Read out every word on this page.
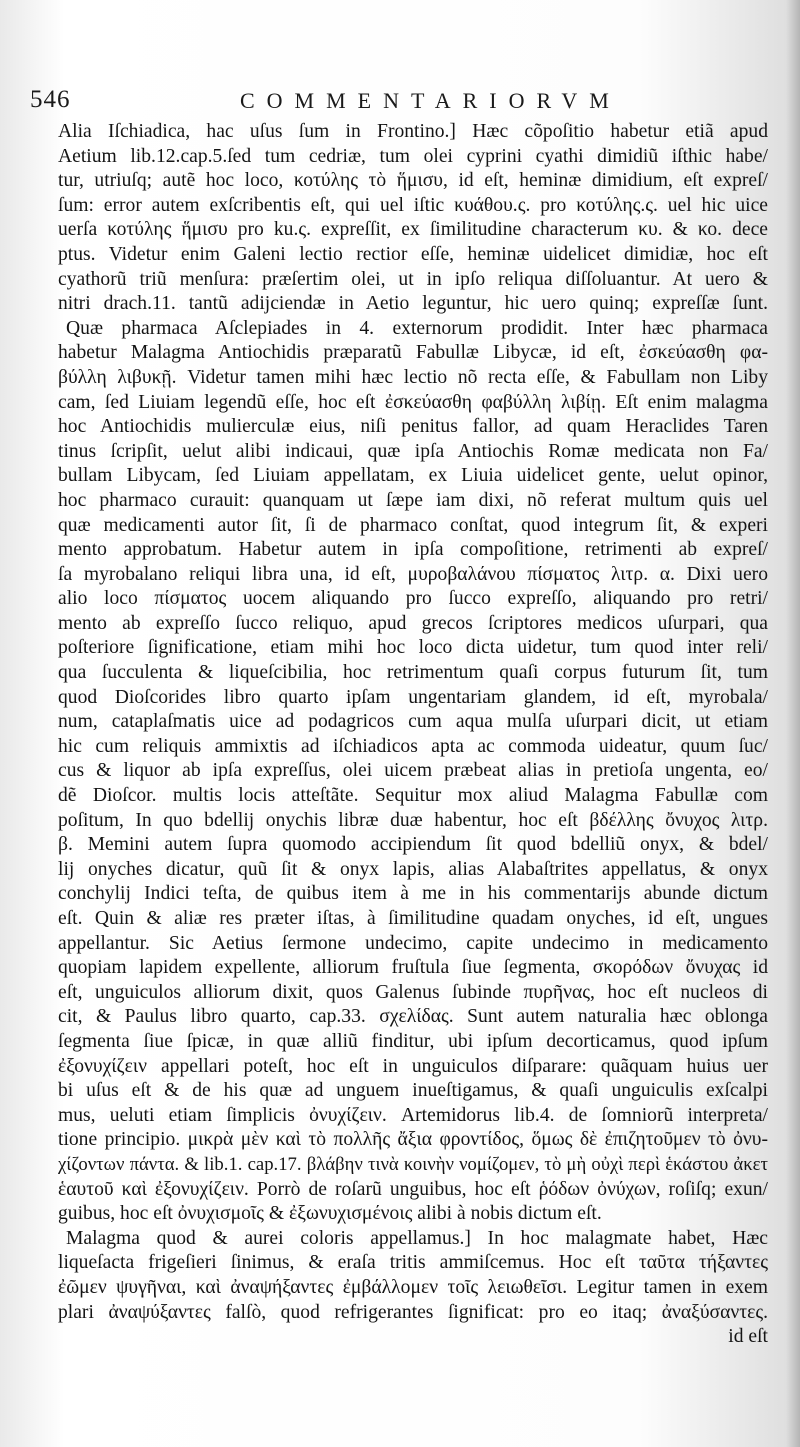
546	COMMENTARIORVM
Alia Iſchiadica, hac uſus ſum in Frontino.] Hæc cõpoſitio habetur etiã apud
Aetium lib.12.cap.5.ſed tum cedriæ, tum olei cyprini cyathi dimidiũ iſthic habe/
tur, utriuſq; autẽ hoc loco, κοτύλης τὸ ἥμισυ, id eſt, heminæ dimidium, eſt expreſ/
ſum: error autem exſcribentis eſt, qui uel iſtic κυάθου.ς. pro κοτύλης.ς. uel hic uice
uerſa κοτύλης ἥμισυ pro ku.ς. expreſſit, ex ſimilitudine characterum κυ. & κο. dece
ptus. Videtur enim Galeni lectio rectior eſſe, heminæ uidelicet dimidiæ, hoc eſt
cyathorũ triũ menſura: præſertim olei, ut in ipſo reliqua diſſoluantur. At uero &
nitri drach.11. tantũ adijciendæ in Aetio leguntur, hic uero quinq; expreſſæ ſunt.
Quæ pharmaca Aſclepiades in 4. externorum prodidit. Inter hæc pharmaca
habetur Malagma Antiochidis præparatũ Fabullæ Libycæ, id eſt, ἐσκεύασθη φα-
βύλλη λιβυκῇ. Videtur tamen mihi hæc lectio nõ recta eſſe, & Fabullam non Liby
cam, ſed Liuiam legendũ eſſe, hoc eſt ἐσκεύασθη φαβύλλη λιβίῃ. Eſt enim malagma
hoc Antiochidis mulierculæ eius, niſi penitus fallor, ad quam Heraclides Taren
tinus ſcripſit, uelut alibi indicaui, quæ ipſa Antiochis Romæ medicata non Fa/
bullam Libycam, ſed Liuiam appellatam, ex Liuia uidelicet gente, uelut opinor,
hoc pharmaco curauit: quanquam ut ſæpe iam dixi, nõ referat multum quis uel
quæ medicamenti autor ſit, ſi de pharmaco conſtat, quod integrum ſit, & experi
mento approbatum. Habetur autem in ipſa compoſitione, retrimenti ab expreſ/
ſa myrobalano reliqui libra una, id eſt, μυροβαλάνου πίσματος λιτρ. α. Dixi uero
alio loco πίσματος uocem aliquando pro ſucco expreſſo, aliquando pro retri/
mento ab expreſſo ſucco reliquo, apud grecos ſcriptores medicos uſurpari, qua
poſteriore ſignificatione, etiam mihi hoc loco dicta uidetur, tum quod inter reli/
qua ſucculenta & liqueſcibilia, hoc retrimentum quaſi corpus futurum ſit, tum
quod Dioſcorides libro quarto ipſam ungentariam glandem, id eſt, myrobala/
num, cataplaſmatis uice ad podagricos cum aqua mulſa uſurpari dicit, ut etiam
hic cum reliquis ammixtis ad iſchiadicos apta ac commoda uideatur, quum ſuc/
cus & liquor ab ipſa expreſſus, olei uicem præbeat alias in pretioſa ungenta, eo/
dẽ Dioſcor. multis locis atteſtãte. Sequitur mox aliud Malagma Fabullæ com
poſitum, In quo bdellij onychis libræ duæ habentur, hoc eſt βδέλλης ὄνυχος λιτρ.
β. Memini autem ſupra quomodo accipiendum ſit quod bdelliũ onyx, & bdel/
lij onyches dicatur, quũ ſit & onyx lapis, alias Alabaſtrites appellatus, & onyx
conchylij Indici teſta, de quibus item à me in his commentarijs abunde dictum
eſt. Quin & aliæ res præter iſtas, à ſimilitudine quadam onyches, id eſt, ungues
appellantur. Sic Aetius ſermone undecimo, capite undecimo in medicamento
quopiam lapidem expellente, alliorum fruſtula ſiue ſegmenta, σκορόδων ὄνυχας id
eſt, unguiculos alliorum dixit, quos Galenus ſubinde πυρῆνας, hoc eſt nucleos di
cit, & Paulus libro quarto, cap.33. σχελίδας. Sunt autem naturalia hæc oblonga
ſegmenta ſiue ſpicæ, in quæ alliũ finditur, ubi ipſum decorticamus, quod ipſum
ἐξονυχίζειν appellari poteſt, hoc eſt in unguiculos diſparare: quãquam huius uer
bi uſus eſt & de his quæ ad unguem inueſtigamus, & quaſi unguiculis exſcalpi
mus, ueluti etiam ſimplicis ὀνυχίζειν. Artemidorus lib.4. de ſomniorũ interpreta/
tione principio. μικρὰ μὲν καὶ τὸ πολλῆς ἄξια φροντίδος, ὅμως δὲ ἐπιζητοῦμεν τὸ ὀνυ-
χίζοντων πάντα. & lib.1. cap.17. βλάβην τινὰ κοινὴν νομίζομεν, τὸ μὴ οὐχὶ περὶ ἑκάστου ἀκετ
ἑαυτοῦ καὶ ἐξονυχίζειν. Porrò de roſarũ unguibus, hoc eſt ῥόδων ὀνύχων, roſiſq; exun/
guibus, hoc eſt ὀνυχισμοῖς & ἐξωνυχισμένοις alibi à nobis dictum eſt.
Malagma quod & aurei coloris appellamus.] In hoc malagmate habet, Hæc
liqueſacta frigeſieri ſinimus, & eraſa tritis ammiſcemus. Hoc eſt ταῦτα τήξαντες
ἐῶμεν ψυγῆναι, καὶ ἀναψήξαντες ἐμβάλλομεν τοῖς λειωθεῖσι. Legitur tamen in exem
plari ἀναψύξαντες falſò, quod refrigerantes ſignificat: pro eo itaq; ἀναξύσαντες.
id eſt
